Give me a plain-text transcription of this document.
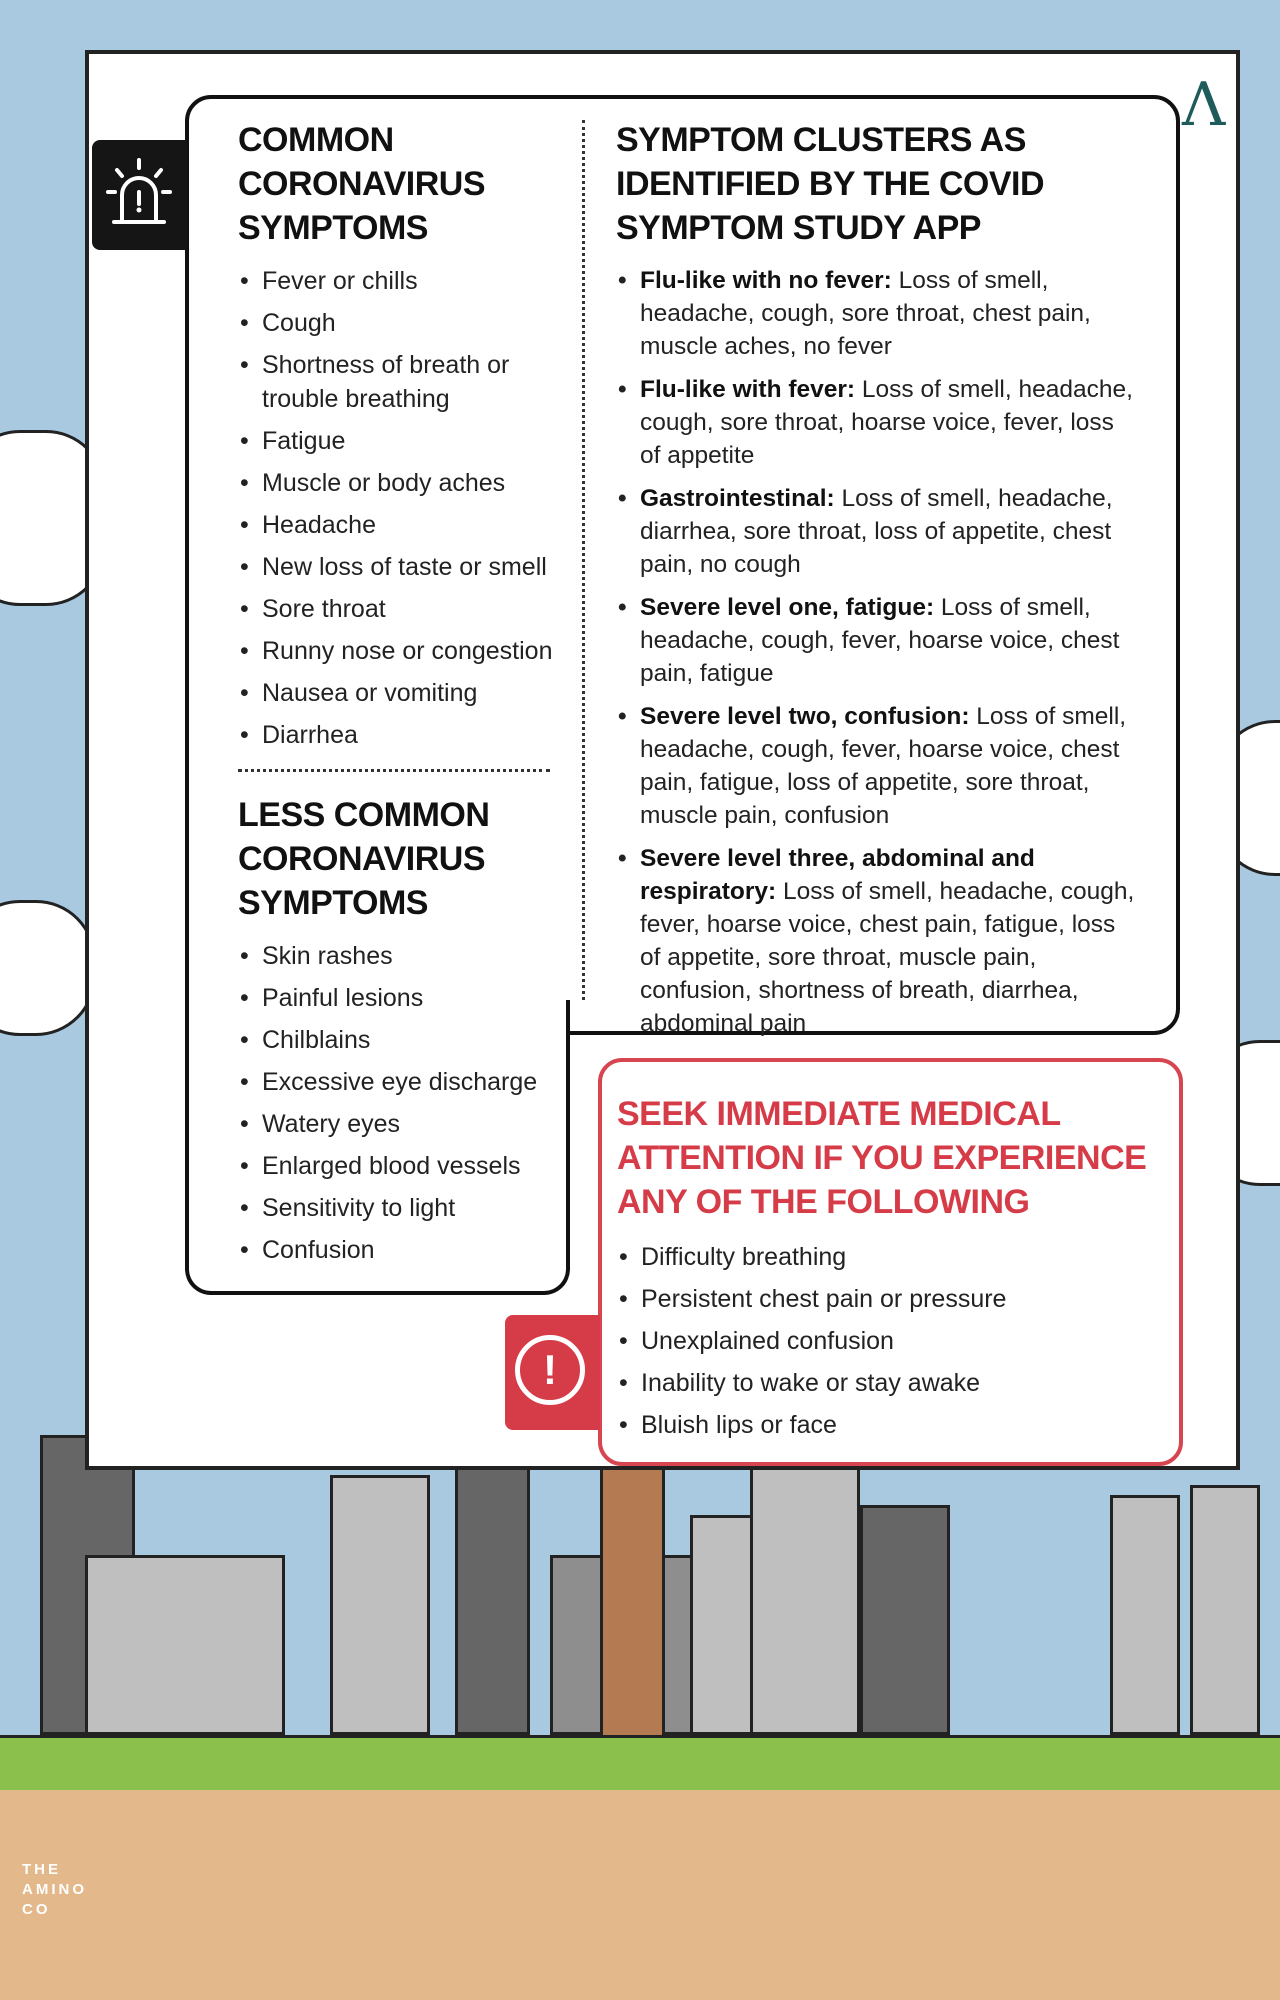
COMMON CORONAVIRUS SYMPTOMS
• Fever or chills
• Cough
• Shortness of breath or trouble breathing
• Fatigue
• Muscle or body aches
• Headache
• New loss of taste or smell
• Sore throat
• Runny nose or congestion
• Nausea or vomiting
• Diarrhea
LESS COMMON CORONAVIRUS SYMPTOMS
• Skin rashes
• Painful lesions
• Chilblains
• Excessive eye discharge
• Watery eyes
• Enlarged blood vessels
• Sensitivity to light
• Confusion
SYMPTOM CLUSTERS AS IDENTIFIED BY THE COVID SYMPTOM STUDY APP
• Flu-like with no fever: Loss of smell, headache, cough, sore throat, chest pain, muscle aches, no fever
• Flu-like with fever: Loss of smell, headache, cough, sore throat, hoarse voice, fever, loss of appetite
• Gastrointestinal: Loss of smell, headache, diarrhea, sore throat, loss of appetite, chest pain, no cough
• Severe level one, fatigue: Loss of smell, headache, cough, fever, hoarse voice, chest pain, fatigue
• Severe level two, confusion: Loss of smell, headache, cough, fever, hoarse voice, chest pain, fatigue, loss of appetite, sore throat, muscle pain, confusion
• Severe level three, abdominal and respiratory: Loss of smell, headache, cough, fever, hoarse voice, chest pain, fatigue, loss of appetite, sore throat, muscle pain, confusion, shortness of breath, diarrhea, abdominal pain
SEEK IMMEDIATE MEDICAL ATTENTION IF YOU EXPERIENCE ANY OF THE FOLLOWING
• Difficulty breathing
• Persistent chest pain or pressure
• Unexplained confusion
• Inability to wake or stay awake
• Bluish lips or face
!
Λ
THE
AMINO
CO
